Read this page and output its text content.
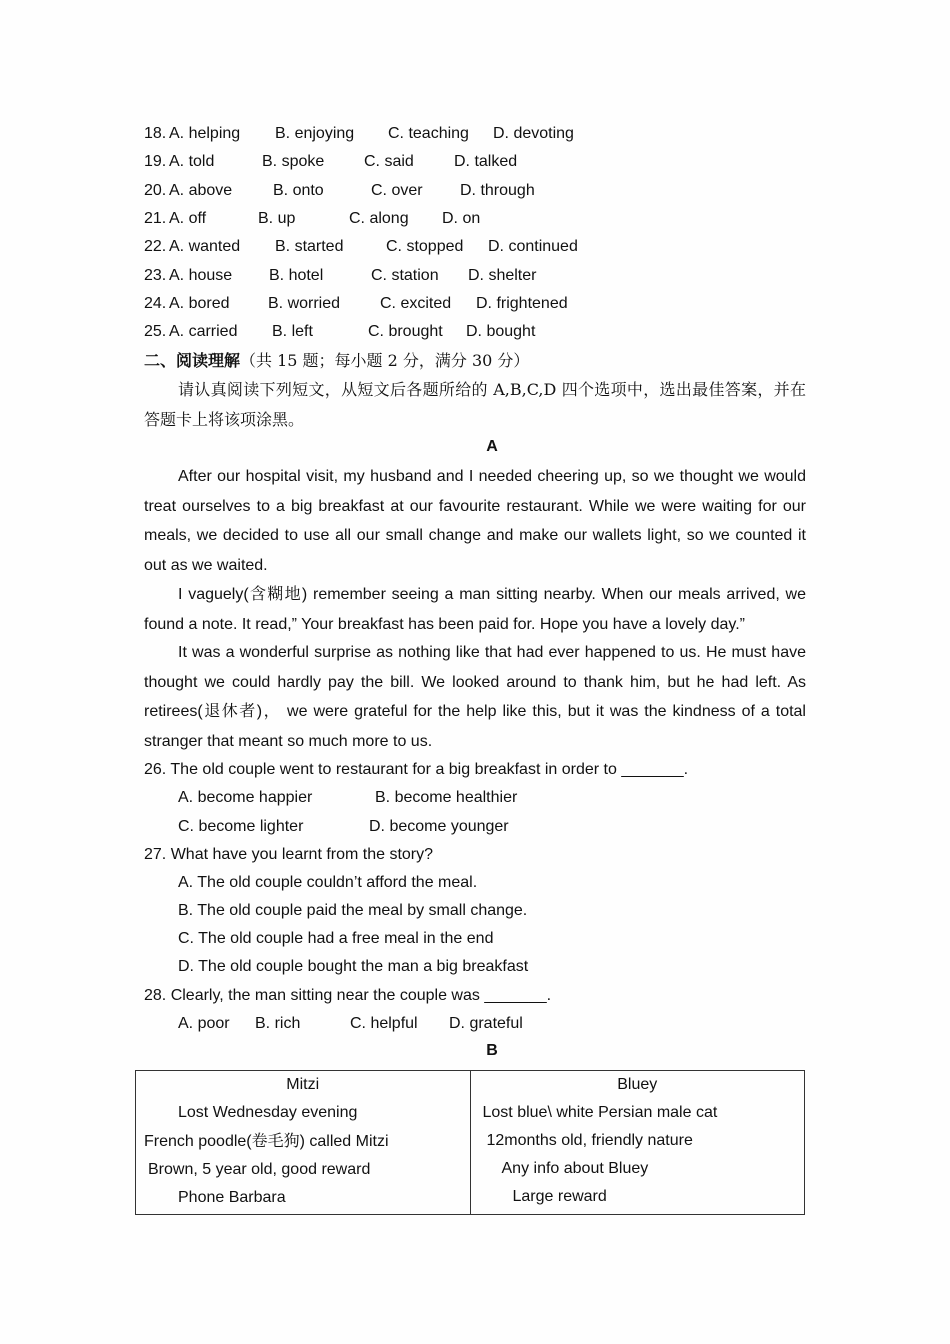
18. A. helping B. enjoying C. teaching D. devoting
19. A. told	B. spoke C. said	D. talked
20. A. above	B. onto	C. over D. through
21. A. off	B. up	C. along D. on
22. A. wanted B. started	C. stopped D. continued
23. A. house B. hotel	C. station D. shelter
24. A. bored B. worried C. excited D. frightened
25. A. carried B. left	C. brought D. bought
二、阅读理解（共 15 题；每小题 2 分，满分 30 分）
请认真阅读下列短文，从短文后各题所给的 A,B,C,D 四个选项中，选出最佳答案，并在答题卡上将该项涂黑。
A
After our hospital visit, my husband and I needed cheering up, so we thought we would treat ourselves to a big breakfast at our favourite restaurant. While we were waiting for our meals, we decided to use all our small change and make our wallets light, so we counted it out as we waited.
I vaguely(含糊地) remember seeing a man sitting nearby. When our meals arrived, we found a note. It read,” Your breakfast has been paid for. Hope you have a lovely day.”
It was a wonderful surprise as nothing like that had ever happened to us. He must have thought we could hardly pay the bill. We looked around to thank him, but he had left. As retirees(退休者)， we were grateful for the help like this, but it was the kindness of a total stranger that meant so much more to us.
26. The old couple went to restaurant for a big breakfast in order to _______.
A. become happier	B. become healthier
C. become lighter	D. become younger
27. What have you learnt from the story?
A. The old couple couldn’t afford the meal.
B. The old couple paid the meal by small change.
C. The old couple had a free meal in the end
D. The old couple bought the man a big breakfast
28. Clearly, the man sitting near the couple was _______.
A. poor B. rich	C. helpful D. grateful
B
Mitzi
Lost Wednesday evening
French poodle(卷毛狗) called Mitzi
Brown, 5 year old, good reward
Phone Barbara

Bluey
Lost blue\ white Persian male cat
12months old, friendly nature
Any info about Bluey
Large reward
